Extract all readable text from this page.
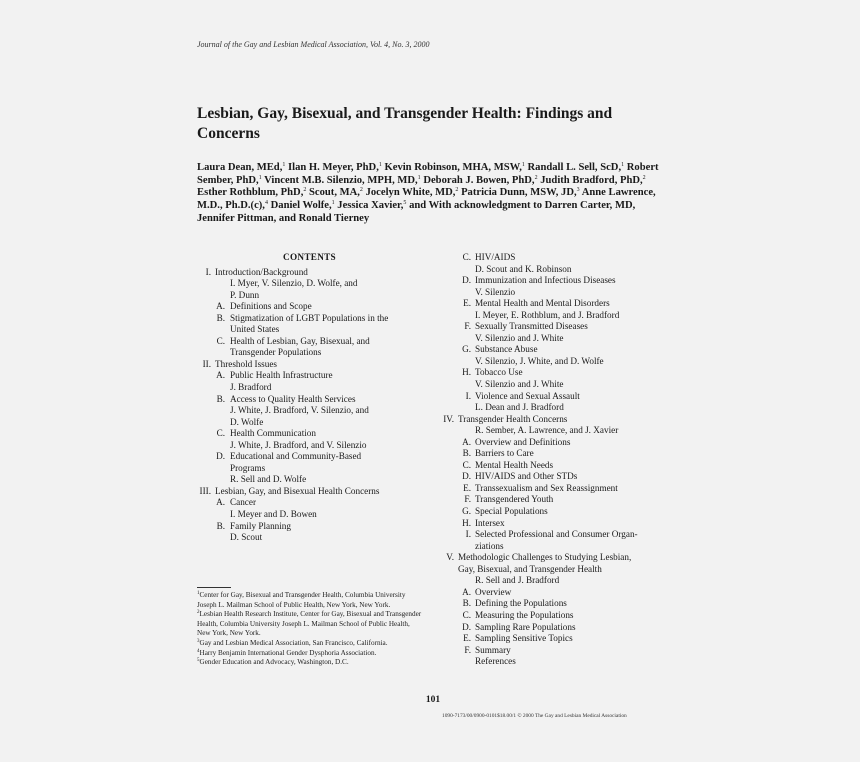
Journal of the Gay and Lesbian Medical Association, Vol. 4, No. 3, 2000
Lesbian, Gay, Bisexual, and Transgender Health: Findings and Concerns

Laura Dean, MEd,$^1$ Ilan H. Meyer, PhD,$^1$ Kevin Robinson, MHA, MSW,$^1$ Randall L. Sell, ScD,$^1$ Robert Sember, PhD,$^1$ Vincent M.B. Silenzio, MPH, MD,$^1$ Deborah J. Bowen, PhD,$^2$ Judith Bradford, PhD,$^2$ Esther Rothblum, PhD,$^2$ Scout, MA,$^2$ Jocelyn White, MD,$^2$ Patricia Dunn, MSW, JD,$^3$ Anne Lawrence, M.D., Ph.D.(c),$^4$ Daniel Wolfe,$^1$ Jessica Xavier,$^5$ and With acknowledgment to Darren Carter, MD, Jennifer Pittman, and Ronald Tierney

CONTENTS
I. Introduction/Background
I. Myer, V. Silenzio, D. Wolfe, and
P. Dunn
A. Definitions and Scope
B. Stigmatization of LGBT Populations in the
United States
C. Health of Lesbian, Gay, Bisexual, and
Transgender Populations
II. Threshold Issues
A. Public Health Infrastructure
J. Bradford
B. Access to Quality Health Services
J. White, J. Bradford, V. Silenzio, and
D. Wolfe
C. Health Communication
J. White, J. Bradford, and V. Silenzio
D. Educational and Community-Based
Programs
R. Sell and D. Wolfe
III. Lesbian, Gay, and Bisexual Health Concerns
A. Cancer
I. Meyer and D. Bowen
B. Family Planning
D. Scout
C. HIV/AIDS
D. Scout and K. Robinson
D. Immunization and Infectious Diseases
V. Silenzio
E. Mental Health and Mental Disorders
I. Meyer, E. Rothblum, and J. Bradford
F. Sexually Transmitted Diseases
V. Silenzio and J. White
G. Substance Abuse
V. Silenzio, J. White, and D. Wolfe
H. Tobacco Use
V. Silenzio and J. White
I. Violence and Sexual Assault
L. Dean and J. Bradford
IV. Transgender Health Concerns
R. Sember, A. Lawrence, and J. Xavier
A. Overview and Definitions
B. Barriers to Care
C. Mental Health Needs
D. HIV/AIDS and Other STDs
E. Transsexualism and Sex Reassignment
F. Transgendered Youth
G. Special Populations
H. Intersex
I. Selected Professional and Consumer Organ-
ziations
V. Methodologic Challenges to Studying Lesbian,
Gay, Bisexual, and Transgender Health
R. Sell and J. Bradford
A. Overview
B. Defining the Populations
C. Measuring the Populations
D. Sampling Rare Populations
E. Sampling Sensitive Topics
F. Summary
References
$^1$Center for Gay, Bisexual and Transgender Health, Columbia University Joseph L. Mailman School of Public Health, New York, New York.
$^2$Lesbian Health Research Institute, Center for Gay, Bisexual and Transgender Health, Columbia University Joseph L. Mailman School of Public Health, New York, New York.
$^3$Gay and Lesbian Medical Association, San Francisco, California.
$^4$Harry Benjamin International Gender Dysphoria Association.
$^5$Gender Education and Advocacy, Washington, D.C.
101
1090-7173/00/0900-0101$18.00/1 © 2000 The Gay and Lesbian Medical Association
